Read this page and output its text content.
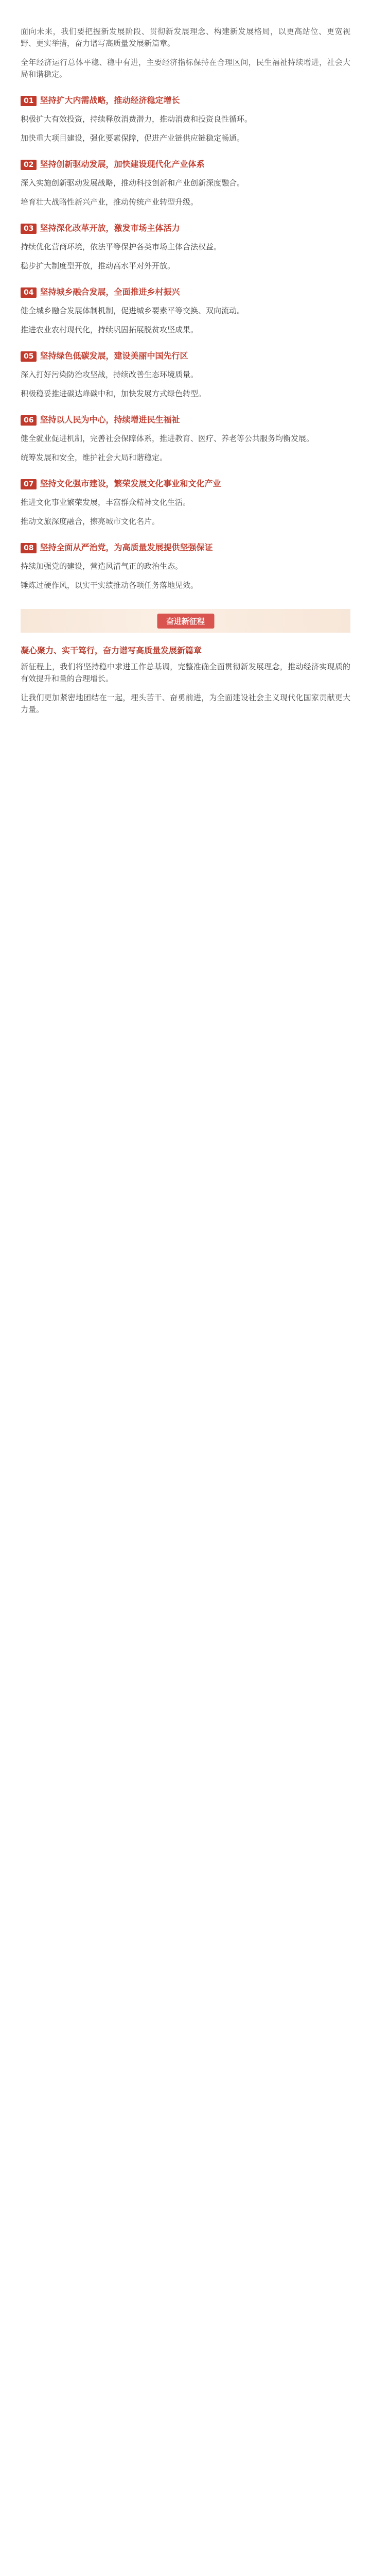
面向未来，我们要把握新发展阶段、贯彻新发展理念、构建新发展格局，以更高站位、更宽视野、更实举措，奋力谱写高质量发展新篇章。

全年经济运行总体平稳、稳中有进，主要经济指标保持在合理区间，民生福祉持续增进，社会大局和谐稳定。

01 坚持扩大内需战略，推动经济稳定增长

积极扩大有效投资，持续释放消费潜力，推动消费和投资良性循环。

加快重大项目建设，强化要素保障，促进产业链供应链稳定畅通。

02 坚持创新驱动发展，加快建设现代化产业体系

深入实施创新驱动发展战略，推动科技创新和产业创新深度融合。

培育壮大战略性新兴产业，推动传统产业转型升级。

03 坚持深化改革开放，激发市场主体活力

持续优化营商环境，依法平等保护各类市场主体合法权益。

稳步扩大制度型开放，推动高水平对外开放。

04 坚持城乡融合发展，全面推进乡村振兴

健全城乡融合发展体制机制，促进城乡要素平等交换、双向流动。

推进农业农村现代化，持续巩固拓展脱贫攻坚成果。

05 坚持绿色低碳发展，建设美丽中国先行区

深入打好污染防治攻坚战，持续改善生态环境质量。

积极稳妥推进碳达峰碳中和，加快发展方式绿色转型。

06 坚持以人民为中心，持续增进民生福祉

健全就业促进机制，完善社会保障体系，推进教育、医疗、养老等公共服务均衡发展。

统筹发展和安全，维护社会大局和谐稳定。

07 坚持文化强市建设，繁荣发展文化事业和文化产业

推进文化事业繁荣发展，丰富群众精神文化生活。

推动文旅深度融合，擦亮城市文化名片。

08 坚持全面从严治党，为高质量发展提供坚强保证

持续加强党的建设，营造风清气正的政治生态。

锤炼过硬作风，以实干实绩推动各项任务落地见效。

奋进新征程
凝心聚力、实干笃行，奋力谱写高质量发展新篇章

新征程上，我们将坚持稳中求进工作总基调，完整准确全面贯彻新发展理念，推动经济实现质的有效提升和量的合理增长。

让我们更加紧密地团结在一起，埋头苦干、奋勇前进，为全面建设社会主义现代化国家贡献更大力量。
